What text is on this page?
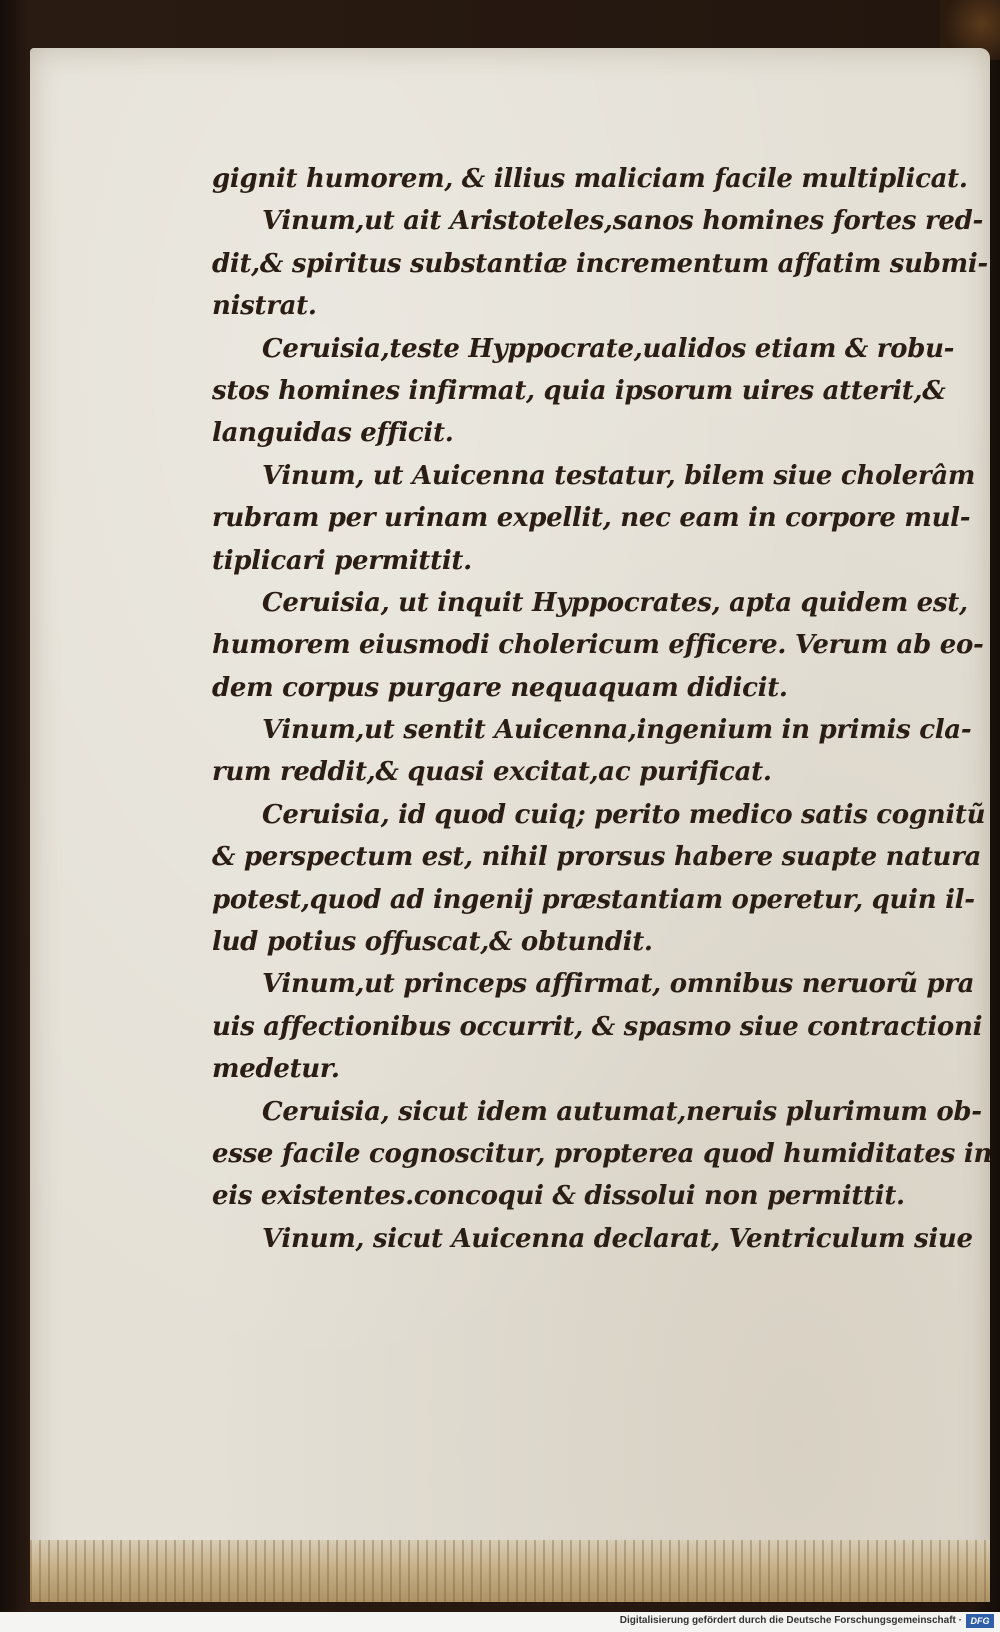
gignit humorem, & illius maliciam facile multiplicat.
Vinum,ut ait Aristoteles,sanos homines fortes red-
dit,& spiritus substantiæ incrementum affatim submi-
nistrat.
Ceruisia,teste Hyppocrate,ualidos etiam & robu-
stos homines infirmat, quia ipsorum uires atterit,&
languidas efficit.
Vinum, ut Auicenna testatur, bilem siue cholerâm
rubram per urinam expellit, nec eam in corpore mul-
tiplicari permittit.
Ceruisia, ut inquit Hyppocrates, apta quidem est,
humorem eiusmodi cholericum efficere. Verum ab eo-
dem corpus purgare nequaquam didicit.
Vinum,ut sentit Auicenna,ingenium in primis cla-
rum reddit,& quasi excitat,ac purificat.
Ceruisia, id quod cuiq; perito medico satis cognitũ
& perspectum est, nihil prorsus habere suapte natura
potest,quod ad ingenij præstantiam operetur, quin il-
lud potius offuscat,& obtundit.
Vinum,ut princeps affirmat, omnibus neruorũ pra
uis affectionibus occurrit, & spasmo siue contractioni
medetur.
Ceruisia, sicut idem autumat,neruis plurimum ob-
esse facile cognoscitur, propterea quod humiditates in
eis existentes.concoqui & dissolui non permittit.
Vinum, sicut Auicenna declarat, Ventriculum siue
Digitalisierung gefördert durch die Deutsche Forschungsgemeinschaft · DFG
